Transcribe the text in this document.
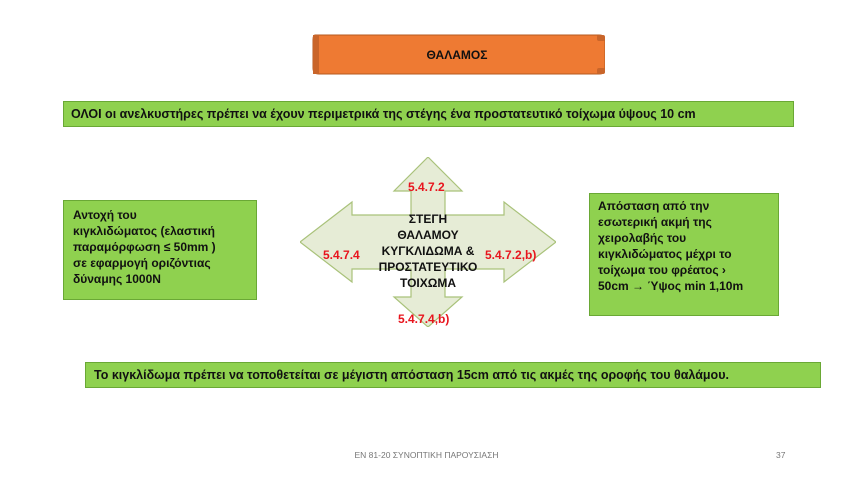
ΘΑΛΑΜΟΣ
ΟΛΟΙ οι ανελκυστήρες πρέπει να έχουν περιμετρικά της στέγης ένα προστατευτικό τοίχωμα ύψους 10 cm
Αντοχή του
κιγκλιδώματος (ελαστική
παραμόρφωση ≤ 50mm )
σε εφαρμογή οριζόντιας
δύναμης 1000Ν
Απόσταση από την
εσωτερική ακμή της
χειρολαβής του
κιγκλιδώματος μέχρι το
τοίχωμα του φρέατος ›
50cm → Ύψος min 1,10m
ΣΤΕΓΗ
ΘΑΛΑΜΟΥ
ΚΥΓΚΛΙΔΩΜΑ &
ΠΡΟΣΤΑΤΕΥΤΙΚΟ
ΤΟΙΧΩΜΑ
5.4.7.2
5.4.7.4	5.4.7.2,b)
5.4.7.4,b)
Το κιγκλίδωμα πρέπει να τοποθετείται σε μέγιστη απόσταση 15cm από τις ακμές της οροφής του θαλάμου.
ΕΝ 81-20 ΣΥΝΟΠΤΙΚΗ ΠΑΡΟΥΣΙΑΣΗ	37
